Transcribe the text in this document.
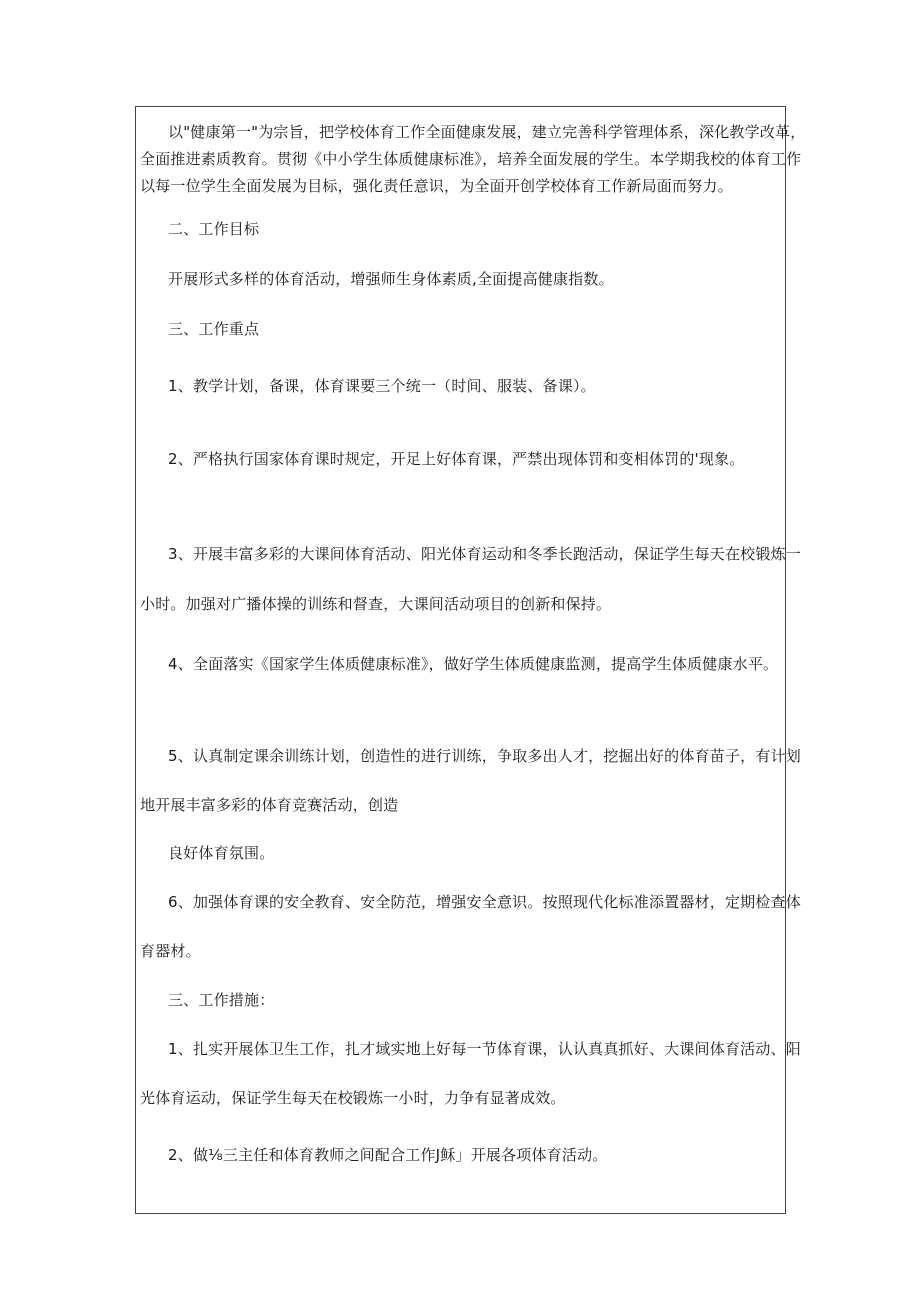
以"健康第一"为宗旨，把学校体育工作全面健康发展，建立完善科学管理体系，深化教学改革，
全面推进素质教育。贯彻《中小学生体质健康标准》，培养全面发展的学生。本学期我校的体育工作
以每一位学生全面发展为目标，强化责任意识，为全面开创学校体育工作新局面而努力。
二、工作目标
开展形式多样的体育活动，增强师生身体素质,全面提高健康指数。
三、工作重点
1、教学计划，备课，体育课要三个统一（时间、服装、备课）。
2、严格执行国家体育课时规定，开足上好体育课，严禁出现体罚和变相体罚的'现象。
3、开展丰富多彩的大课间体育活动、阳光体育运动和冬季长跑活动，保证学生每天在校锻炼一
小时。加强对广播体操的训练和督查，大课间活动项目的创新和保持。
4、全面落实《国家学生体质健康标准》，做好学生体质健康监测，提高学生体质健康水平。
5、认真制定课余训练计划，创造性的进行训练，争取多出人才，挖掘出好的体育苗子，有计划
地开展丰富多彩的体育竞赛活动，创造
良好体育氛围。
6、加强体育课的安全教育、安全防范，增强安全意识。按照现代化标准添置器材，定期检查体
育器材。
三、工作措施：
1、扎实开展体卫生工作，扎才域实地上好每一节体育课，认认真真抓好、大课间体育活动、阳
光体育运动，保证学生每天在校锻炼一小时，力争有显著成效。
2、做⅛三主任和体育教师之间配合工作J稣」开展各项体育活动。
